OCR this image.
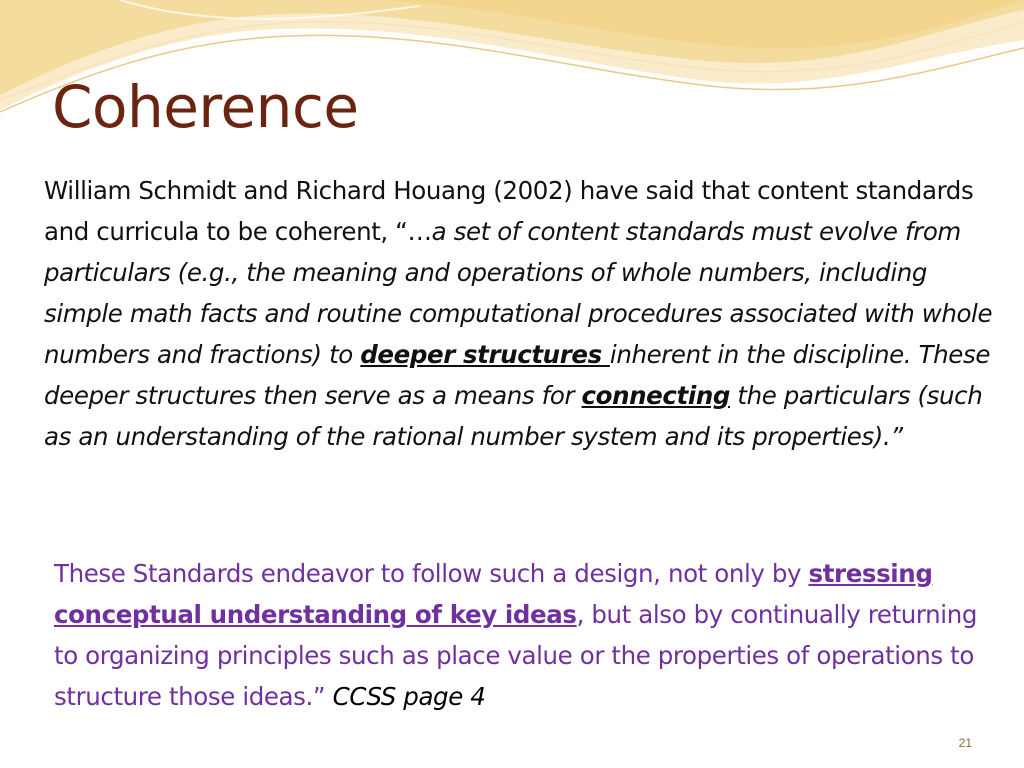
Coherence

William Schmidt and Richard Houang (2002) have said that content standards and curricula to be coherent, “…a set of content standards must evolve from particulars (e.g., the meaning and operations of whole numbers, including simple math facts and routine computational procedures associated with whole numbers and fractions) to deeper structures inherent in the discipline. These deeper structures then serve as a means for connecting the particulars (such as an understanding of the rational number system and its properties).”

These Standards endeavor to follow such a design, not only by stressing conceptual understanding of key ideas, but also by continually returning to organizing principles such as place value or the properties of operations to structure those ideas.” CCSS page 4

21
